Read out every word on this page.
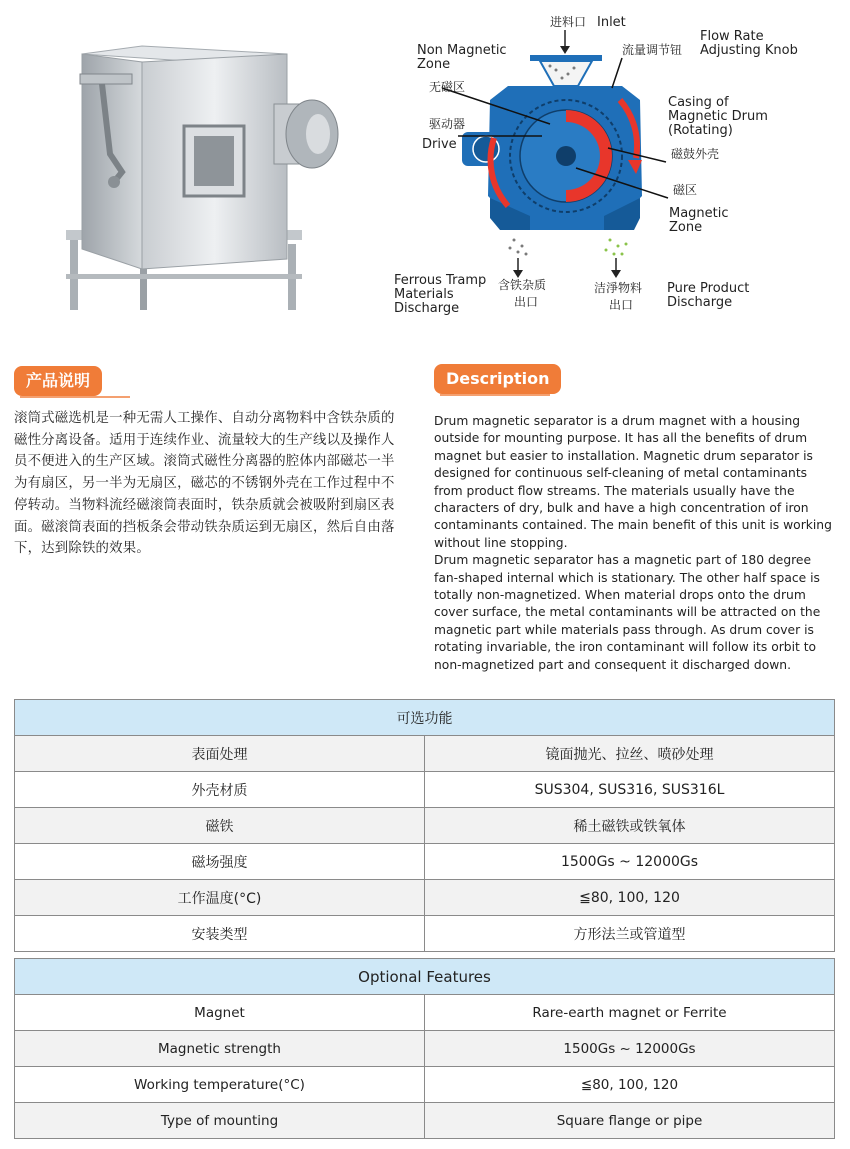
进料口 Inlet
Non Magnetic
Zone
Flow Rate
流量调节钮 Adjusting Knob
无磁区
Casing of
Magnetic Drum
(Rotating)
驱动器
Drive
磁鼓外壳
磁区
Magnetic
Zone
Ferrous Tramp
Materials
Discharge
含铁杂质
出口
洁淨物料
出口
Pure Product
Discharge
产品说明	Description
滚筒式磁选机是一种无需人工操作、自动分离物料中含铁杂质的磁性分离设备。适用于连续作业、流量较大的生产线以及操作人员不便进入的生产区域。滚筒式磁性分离器的腔体内部磁芯一半为有扇区，另一半为无扇区，磁芯的不锈钢外壳在工作过程中不停转动。当物料流经磁滚筒表面时，铁杂质就会被吸附到扇区表面。磁滚筒表面的挡板条会带动铁杂质运到无扇区，然后自由落下，达到除铁的效果。

Drum magnetic separator is a drum magnet with a housing outside for mounting purpose. It has all the benefits of drum magnet but easier to installation. Magnetic drum separator is designed for continuous self-cleaning of metal contaminants from product flow streams. The materials usually have the characters of dry, bulk and have a high concentration of iron contaminants contained. The main benefit of this unit is working without line stopping.

Drum magnetic separator has a magnetic part of 180 degree fan-shaped internal which is stationary. The other half space is totally non-magnetized. When material drops onto the drum cover surface, the metal contaminants will be attracted on the magnetic part while materials pass through. As drum cover is rotating invariable, the iron contaminant will follow its orbit to non-magnetized part and consequent it discharged down.

可选功能	
表面处理	镜面抛光、拉丝、喷砂处理
外壳材质	SUS304, SUS316, SUS316L
磁铁	稀土磁铁或铁氧体
磁场强度	1500Gs ~ 12000Gs
工作温度(°C)	≦80, 100, 120
安装类型	方形法兰或管道型
Optional Features	
Magnet	Rare-earth magnet or Ferrite
Magnetic strength	1500Gs ~ 12000Gs
Working temperature(°C)	≦80, 100, 120
Type of mounting	Square flange or pipe
